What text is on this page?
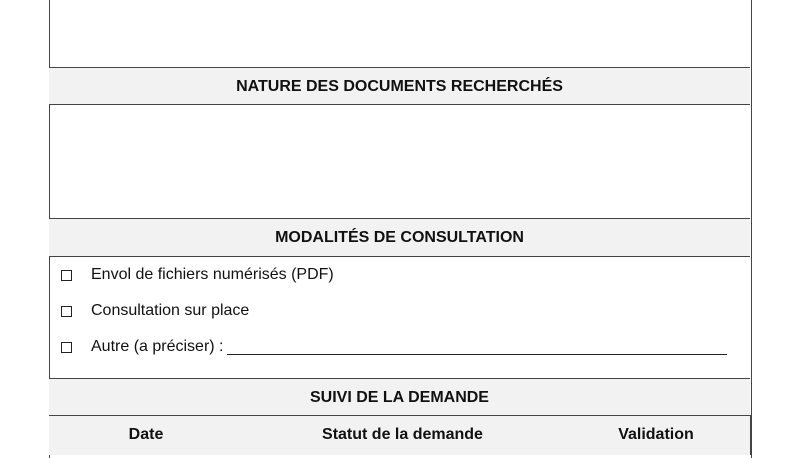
NATURE DES DOCUMENTS RECHERCHÉS
MODALITÉS DE CONSULTATION
Envol de fichiers numérisés (PDF)
Consultation sur place
Autre (a préciser) :
SUIVI DE LA DEMANDE
Date	Statut de la demande	Validation
